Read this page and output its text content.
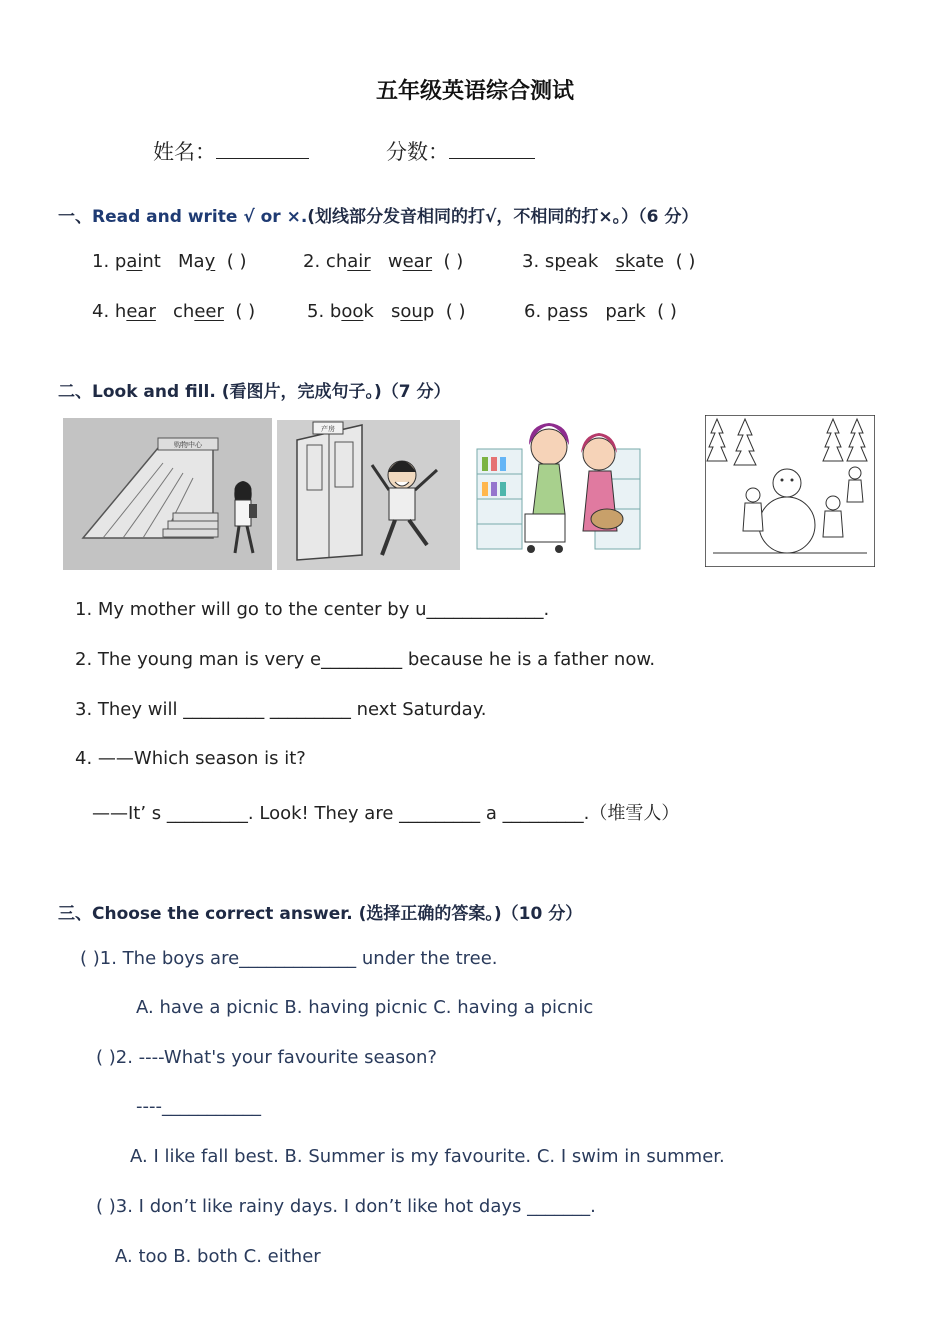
五年级英语综合测试
姓名：	分数：
一、Read and write √ or ×.(划线部分发音相同的打√，不相同的打×。）（6 分）
1. paint May ( )	2. chair wear ( )	3. speak skate ( )
4. hear cheer ( )	5. book soup ( )	6. pass park ( )
二、Look and fill. (看图片，完成句子。)（7 分）
购物中心
产房
1. My mother will go to the center by u_____________.
2. The young man is very e_________ because he is a father now.
3. They will _________ _________ next Saturday.
4. ——Which season is it?
——It’ s _________. Look! They are _________ a _________.（堆雪人）
三、Choose the correct answer. (选择正确的答案。)（10 分）
( )1. The boys are_____________ under the tree.
A. have a picnic B. having picnic C. having a picnic
( )2. ----What's your favourite season?
----___________
A. I like fall best. B. Summer is my favourite. C. I swim in summer.
( )3. I don’t like rainy days. I don’t like hot days _______.
A. too B. both C. either
